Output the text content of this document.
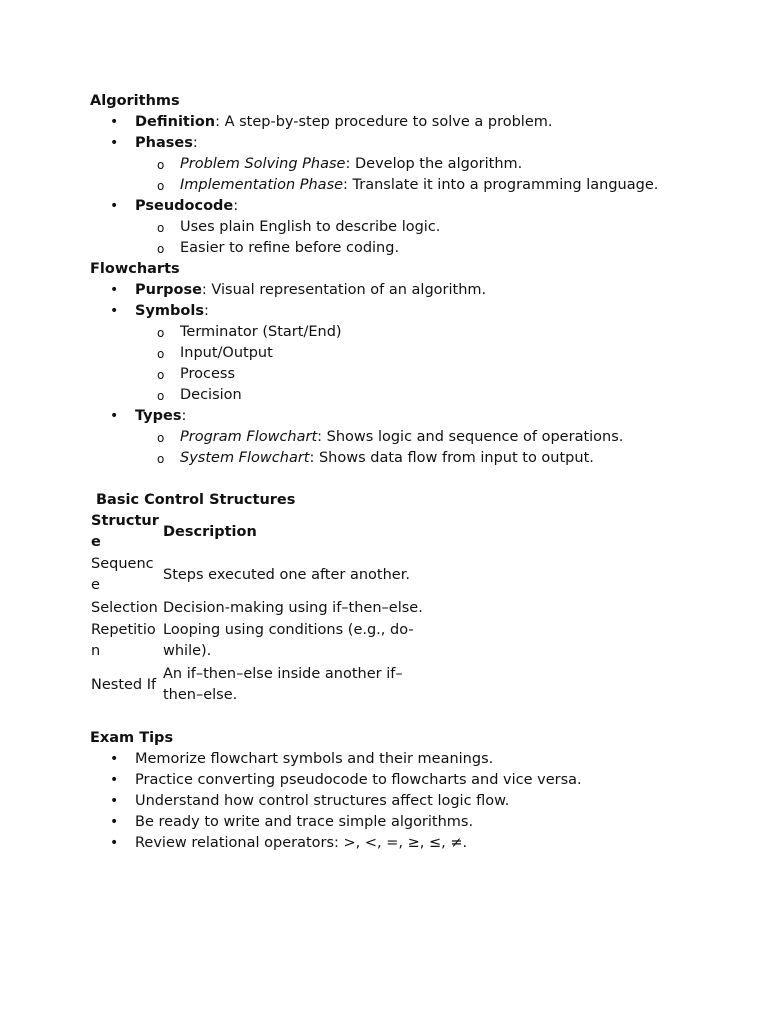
Algorithms
• Definition: A step-by-step procedure to solve a problem.
• Phases:
o Problem Solving Phase: Develop the algorithm.
o Implementation Phase: Translate it into a programming language.
• Pseudocode:
o Uses plain English to describe logic.
o Easier to refine before coding.
Flowcharts
• Purpose: Visual representation of an algorithm.
• Symbols:
o Terminator (Start/End)
o Input/Output
o Process
o Decision
• Types:
o Program Flowchart: Shows logic and sequence of operations.
o System Flowchart: Shows data flow from input to output.
Basic Control Structures
Structure	Description
Sequence	Steps executed one after another.
Selection	Decision-making using if–then–else.
Repetition	Looping using conditions (e.g., do-while).
Nested If	An if–then–else inside another if–then–else.
Exam Tips
• Memorize flowchart symbols and their meanings.
• Practice converting pseudocode to flowcharts and vice versa.
• Understand how control structures affect logic flow.
• Be ready to write and trace simple algorithms.
• Review relational operators: >, <, =, ≥, ≤, ≠.
